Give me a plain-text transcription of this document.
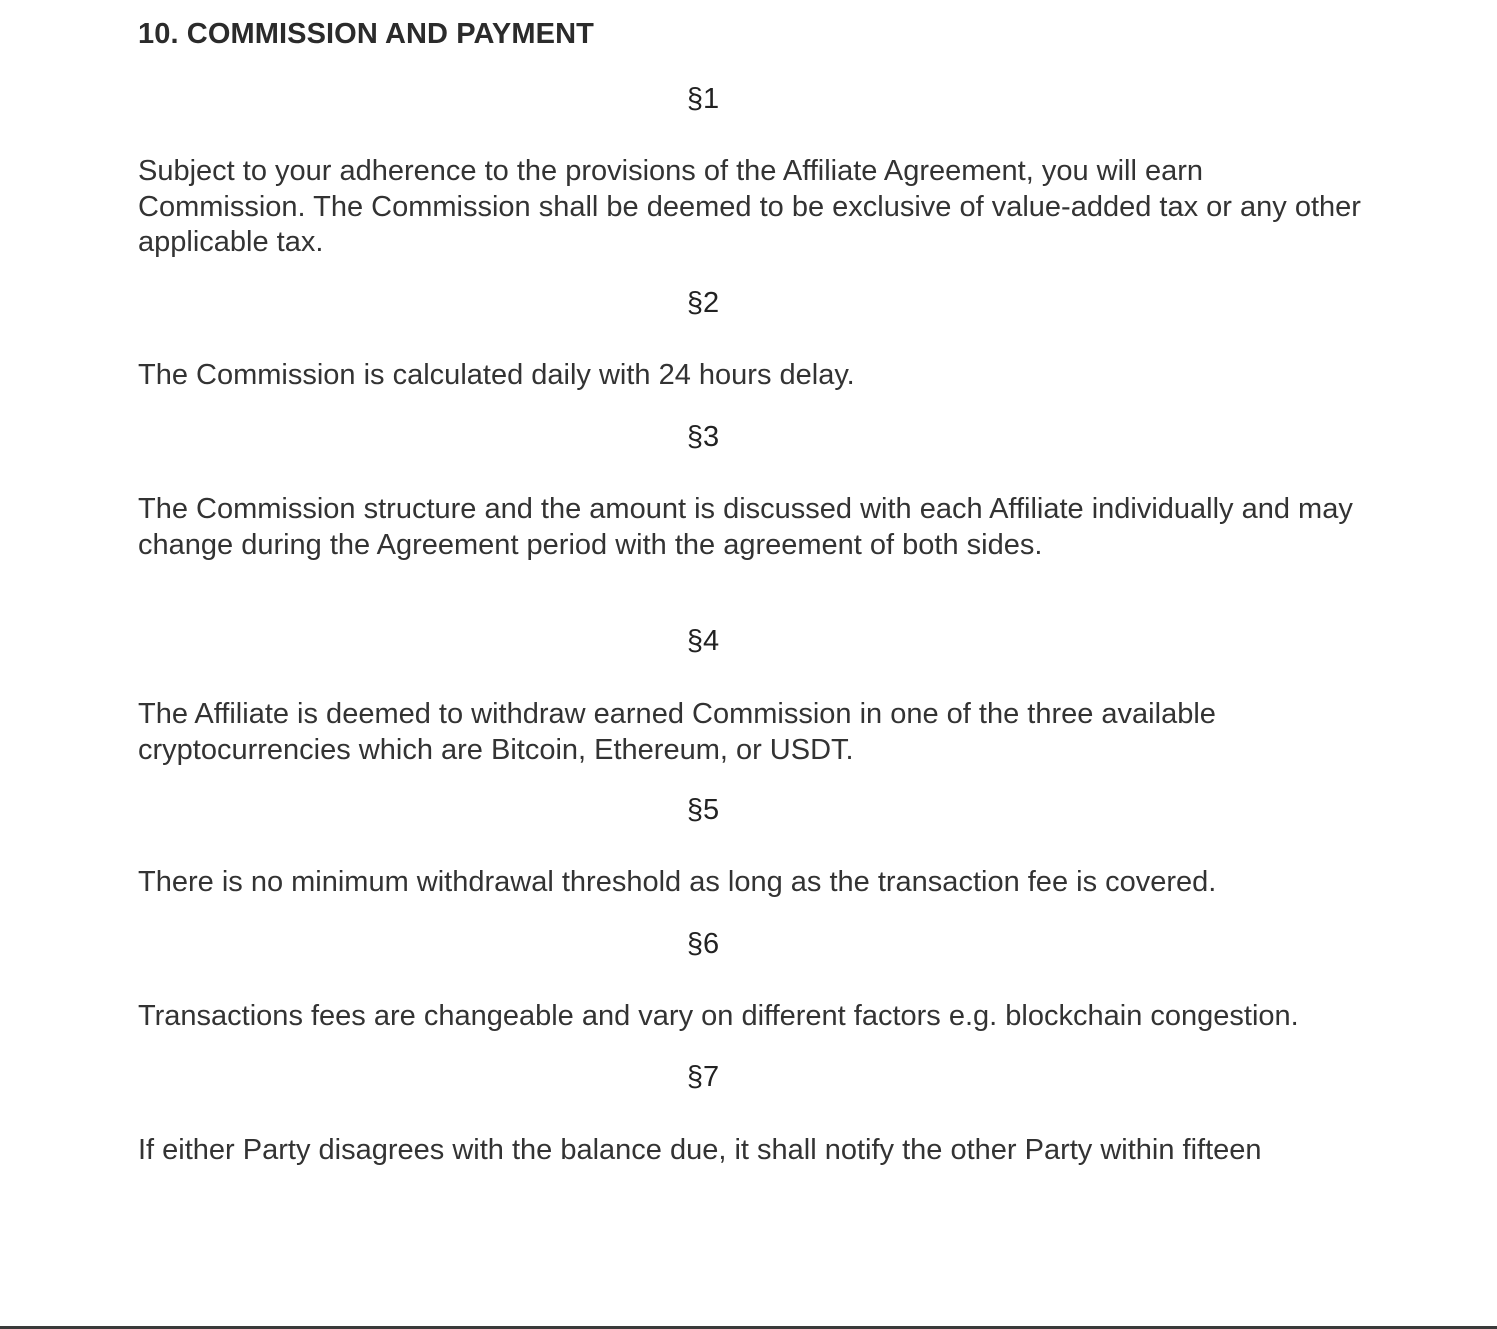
10. COMMISSION AND PAYMENT
§1
Subject to your adherence to the provisions of the Affiliate Agreement, you will earn Commission. The Commission shall be deemed to be exclusive of value-added tax or any other applicable tax.
§2
The Commission is calculated daily with 24 hours delay.
§3
The Commission structure and the amount is discussed with each Affiliate individually and may change during the Agreement period with the agreement of both sides.
§4
The Affiliate is deemed to withdraw earned Commission in one of the three available cryptocurrencies which are Bitcoin, Ethereum, or USDT.
§5
There is no minimum withdrawal threshold as long as the transaction fee is covered.
§6
Transactions fees are changeable and vary on different factors e.g. blockchain congestion.
§7
If either Party disagrees with the balance due, it shall notify the other Party within fifteen
